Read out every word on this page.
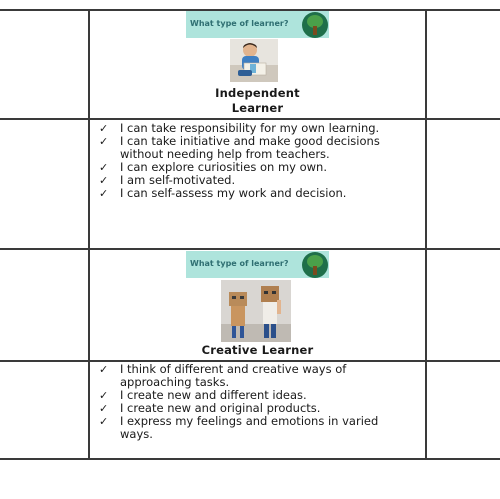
What type of learner?
Independent
Learner
✓ I can take responsibility for my own learning.
✓ I can take initiative and make good decisions without needing help from teachers.
✓ I can explore curiosities on my own.
✓ I am self-motivated.
✓ I can self-assess my work and decision.
What type of learner?
Creative Learner
✓ I think of different and creative ways of approaching tasks.
✓ I create new and different ideas.
✓ I create new and original products.
✓ I express my feelings and emotions in varied ways.
